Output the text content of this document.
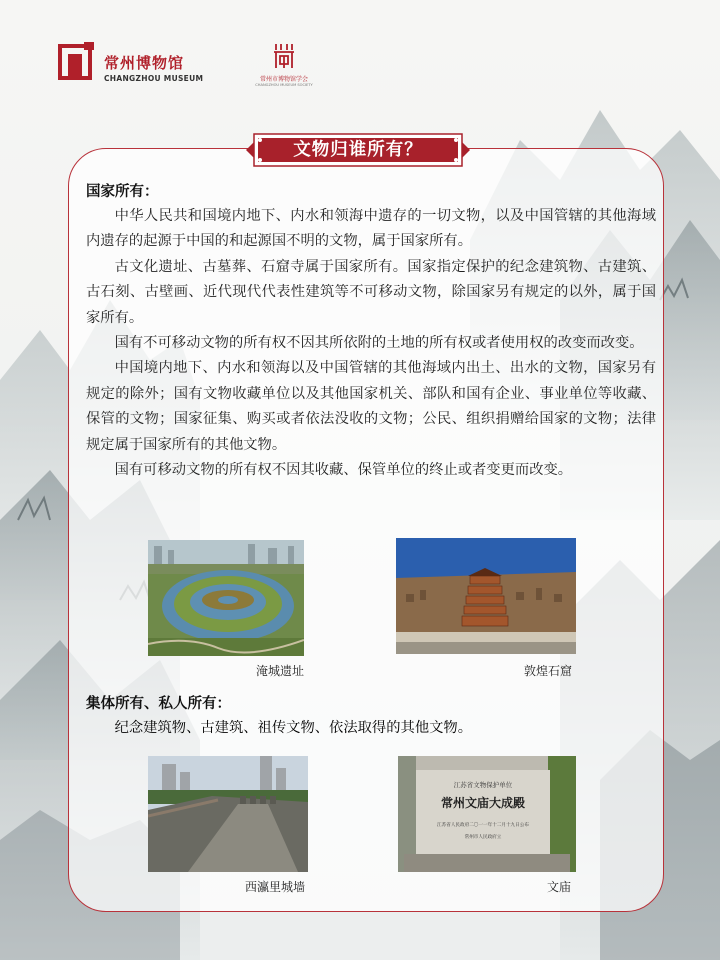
常州博物馆
CHANGZHOU MUSEUM	常州市博物馆学会
CHANGZHOU MUSEUM SOCIETY
文物归谁所有？

国家所有：

中华人民共和国境内地下、内水和领海中遗存的一切文物，以及中国管辖的其他海域内遗存的起源于中国的和起源国不明的文物，属于国家所有。

古文化遗址、古墓葬、石窟寺属于国家所有。国家指定保护的纪念建筑物、古建筑、古石刻、古壁画、近代现代代表性建筑等不可移动文物，除国家另有规定的以外，属于国家所有。

国有不可移动文物的所有权不因其所依附的土地的所有权或者使用权的改变而改变。

中国境内地下、内水和领海以及中国管辖的其他海域内出土、出水的文物，国家另有规定的除外；国有文物收藏单位以及其他国家机关、部队和国有企业、事业单位等收藏、保管的文物；国家征集、购买或者依法没收的文物；公民、组织捐赠给国家的文物；法律规定属于国家所有的其他文物。

国有可移动文物的所有权不因其收藏、保管单位的终止或者变更而改变。

淹城遗址	敦煌石窟

集体所有、私人所有：

纪念建筑物、古建筑、祖传文物、依法取得的其他文物。

西瀛里城墙
江苏省文物保护单位
常州文庙大成殿
江苏省人民政府二〇一一年十二月十九日公布
常州市人民政府立
文庙
